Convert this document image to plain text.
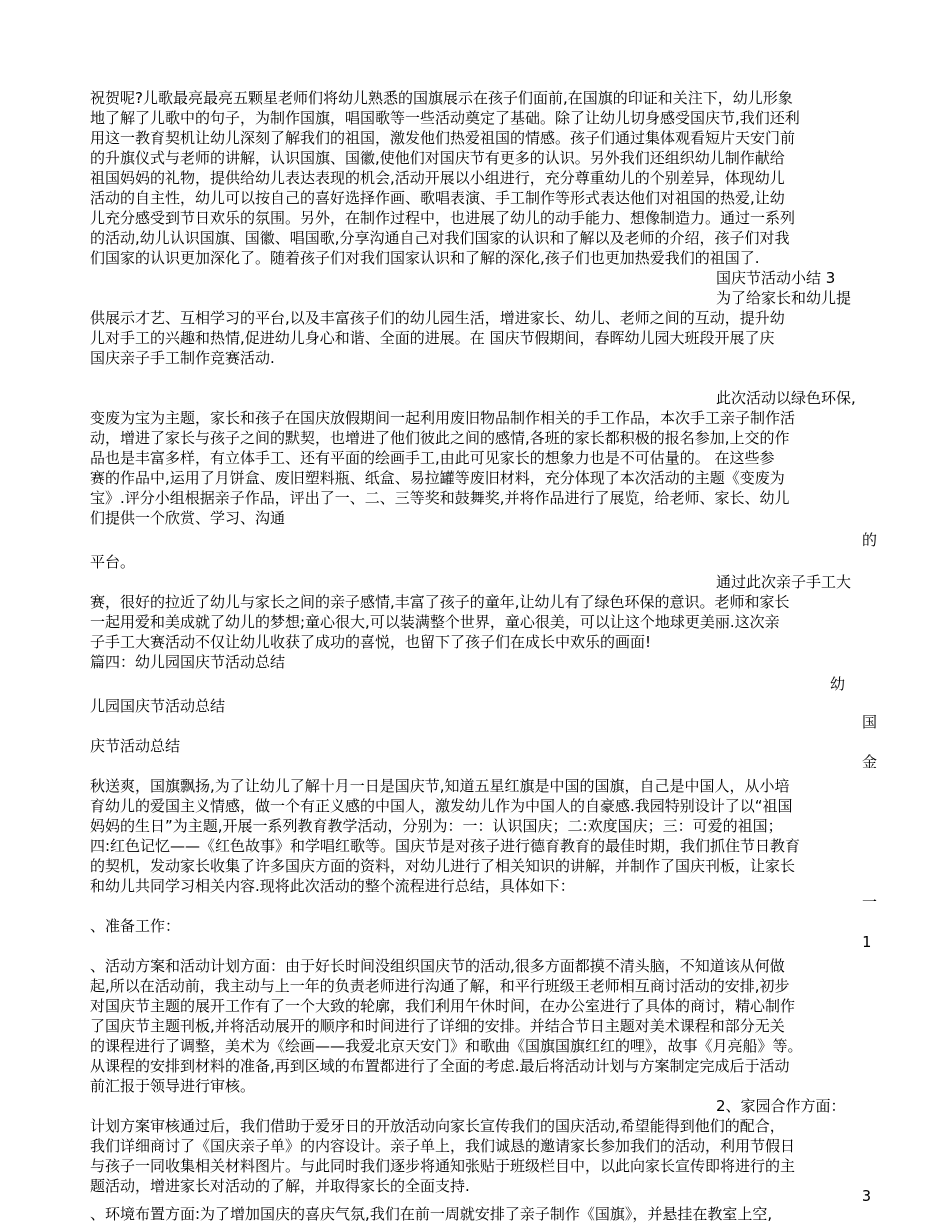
祝贺呢?儿歌最亮最亮五颗星老师们将幼儿熟悉的国旗展示在孩子们面前,在国旗的印证和关注下，幼儿形象
地了解了儿歌中的句子，为制作国旗，唱国歌等一些活动奠定了基础。除了让幼儿切身感受国庆节,我们还利
用这一教育契机让幼儿深刻了解我们的祖国，激发他们热爱祖国的情感。孩子们通过集体观看短片天安门前
的升旗仪式与老师的讲解，认识国旗、国徽,使他们对国庆节有更多的认识。另外我们还组织幼儿制作献给
祖国妈妈的礼物，提供给幼儿表达表现的机会,活动开展以小组进行，充分尊重幼儿的个别差异，体现幼儿
活动的自主性，幼儿可以按自己的喜好选择作画、歌唱表演、手工制作等形式表达他们对祖国的热爱,让幼
儿充分感受到节日欢乐的氛围。另外，在制作过程中，也进展了幼儿的动手能力、想像制造力。通过一系列
的活动,幼儿认识国旗、国徽、唱国歌,分享沟通自己对我们国家的认识和了解以及老师的介绍，孩子们对我
们国家的认识更加深化了。随着孩子们对我们国家认识和了解的深化,孩子们也更加热爱我们的祖国了.
国庆节活动小结 3
为了给家长和幼儿提
供展示才艺、互相学习的平台,以及丰富孩子们的幼儿园生活，增进家长、幼儿、老师之间的互动，提升幼
儿对手工的兴趣和热情,促进幼儿身心和谐、全面的进展。在 国庆节假期间，春晖幼儿园大班段开展了庆
国庆亲子手工制作竞赛活动.
此次活动以绿色环保,
变废为宝为主题，家长和孩子在国庆放假期间一起利用废旧物品制作相关的手工作品，本次手工亲子制作活
动，增进了家长与孩子之间的默契，也增进了他们彼此之间的感情,各班的家长都积极的报名参加,上交的作
品也是丰富多样，有立体手工、还有平面的绘画手工,由此可见家长的想象力也是不可估量的。 在这些参
赛的作品中,运用了月饼盒、废旧塑料瓶、纸盒、易拉罐等废旧材料，充分体现了本次活动的主题《变废为
宝》.评分小组根据亲子作品，评出了一、二、三等奖和鼓舞奖,并将作品进行了展览，给老师、家长、幼儿
们提供一个欣赏、学习、沟通
的
平台。
通过此次亲子手工大
赛，很好的拉近了幼儿与家长之间的亲子感情,丰富了孩子的童年,让幼儿有了绿色环保的意识。老师和家长
一起用爱和美成就了幼儿的梦想;童心很大,可以装满整个世界，童心很美，可以让这个地球更美丽.这次亲
子手工大赛活动不仅让幼儿收获了成功的喜悦，也留下了孩子们在成长中欢乐的画面!
篇四：幼儿园国庆节活动总结
幼
儿园国庆节活动总结
国
庆节活动总结
金
秋送爽，国旗飘扬,为了让幼儿了解十月一日是国庆节,知道五星红旗是中国的国旗，自己是中国人，从小培
育幼儿的爱国主义情感，做一个有正义感的中国人，激发幼儿作为中国人的自豪感.我园特别设计了以“祖国
妈妈的生日”为主题,开展一系列教育教学活动，分别为：一：认识国庆；二:欢度国庆；三：可爱的祖国；
四:红色记忆——《红色故事》和学唱红歌等。国庆节是对孩子进行德育教育的最佳时期，我们抓住节日教育
的契机，发动家长收集了许多国庆方面的资料，对幼儿进行了相关知识的讲解，并制作了国庆刊板，让家长
和幼儿共同学习相关内容.现将此次活动的整个流程进行总结，具体如下：
一
、准备工作：
1
、活动方案和活动计划方面：由于好长时间没组织国庆节的活动,很多方面都摸不清头脑，不知道该从何做
起,所以在活动前，我主动与上一年的负责老师进行沟通了解，和平行班级王老师相互商讨活动的安排,初步
对国庆节主题的展开工作有了一个大致的轮廓，我们利用午休时间，在办公室进行了具体的商讨，精心制作
了国庆节主题刊板,并将活动展开的顺序和时间进行了详细的安排。并结合节日主题对美术课程和部分无关
的课程进行了调整，美术为《绘画——我爱北京天安门》和歌曲《国旗国旗红红的哩》，故事《月亮船》等。
从课程的安排到材料的准备,再到区域的布置都进行了全面的考虑.最后将活动计划与方案制定完成后于活动
前汇报于领导进行审核。
2、家园合作方面：
计划方案审核通过后，我们借助于爱牙日的开放活动向家长宣传我们的国庆活动,希望能得到他们的配合，
我们详细商讨了《国庆亲子单》的内容设计。亲子单上，我们诚恳的邀请家长参加我们的活动，利用节假日
与孩子一同收集相关材料图片。与此同时我们逐步将通知张贴于班级栏目中，以此向家长宣传即将进行的主
题活动，增进家长对活动的了解，并取得家长的全面支持.
3
、环境布置方面:为了增加国庆的喜庆气氛,我们在前一周就安排了亲子制作《国旗》，并悬挂在教室上空,
